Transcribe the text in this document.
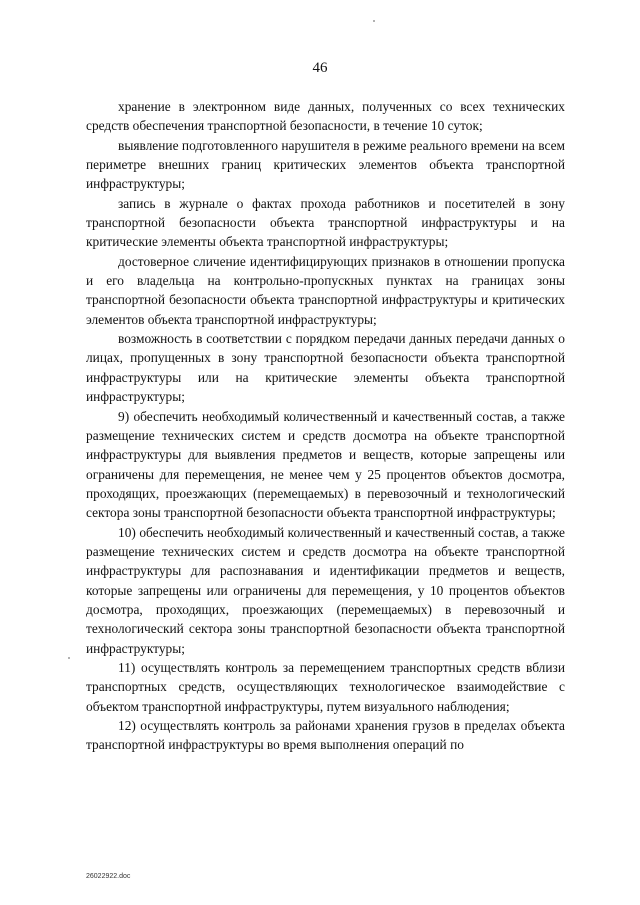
46

хранение в электронном виде данных, полученных со всех технических средств обеспечения транспортной безопасности, в течение 10 суток;

выявление подготовленного нарушителя в режиме реального времени на всем периметре внешних границ критических элементов объекта транспортной инфраструктуры;

запись в журнале о фактах прохода работников и посетителей в зону транспортной безопасности объекта транспортной инфраструктуры и на критические элементы объекта транспортной инфраструктуры;

достоверное сличение идентифицирующих признаков в отношении пропуска и его владельца на контрольно-пропускных пунктах на границах зоны транспортной безопасности объекта транспортной инфраструктуры и критических элементов объекта транспортной инфраструктуры;

возможность в соответствии с порядком передачи данных передачи данных о лицах, пропущенных в зону транспортной безопасности объекта транспортной инфраструктуры или на критические элементы объекта транспортной инфраструктуры;

9) обеспечить необходимый количественный и качественный состав, а также размещение технических систем и средств досмотра на объекте транспортной инфраструктуры для выявления предметов и веществ, которые запрещены или ограничены для перемещения, не менее чем у 25 процентов объектов досмотра, проходящих, проезжающих (перемещаемых) в перевозочный и технологический сектора зоны транспортной безопасности объекта транспортной инфраструктуры;

10) обеспечить необходимый количественный и качественный состав, а также размещение технических систем и средств досмотра на объекте транспортной инфраструктуры для распознавания и идентификации предметов и веществ, которые запрещены или ограничены для перемещения, у 10 процентов объектов досмотра, проходящих, проезжающих (перемещаемых) в перевозочный и технологический сектора зоны транспортной безопасности объекта транспортной инфраструктуры;

11) осуществлять контроль за перемещением транспортных средств вблизи транспортных средств, осуществляющих технологическое взаимодействие с объектом транспортной инфраструктуры, путем визуального наблюдения;

12) осуществлять контроль за районами хранения грузов в пределах объекта транспортной инфраструктуры во время выполнения операций по

26022922.doc
